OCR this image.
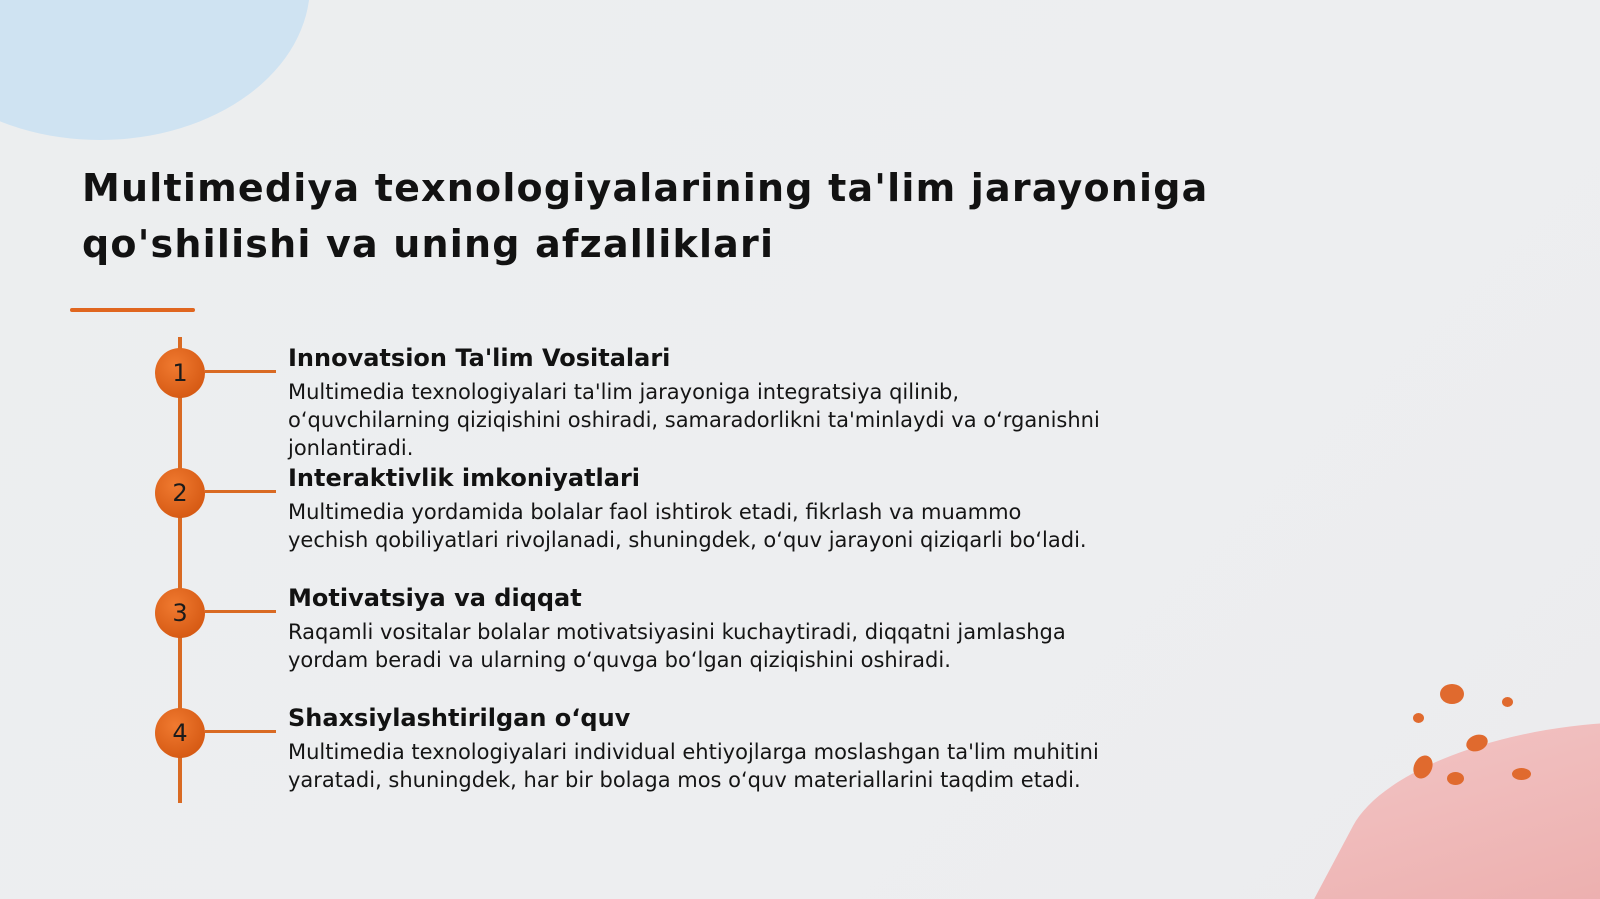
Multimediya texnologiyalarining ta'lim jarayoniga qo'shilishi va uning afzalliklari
1
Innovatsion Ta'lim Vositalari

Multimedia texnologiyalari ta'lim jarayoniga integratsiya qilinib, o‘quvchilarning qiziqishini oshiradi, samaradorlikni ta'minlaydi va o‘rganishni jonlantiradi.

2
Interaktivlik imkoniyatlari

Multimedia yordamida bolalar faol ishtirok etadi, fikrlash va muammo yechish qobiliyatlari rivojlanadi, shuningdek, o‘quv jarayoni qiziqarli bo‘ladi.

3
Motivatsiya va diqqat

Raqamli vositalar bolalar motivatsiyasini kuchaytiradi, diqqatni jamlashga yordam beradi va ularning o‘quvga bo‘lgan qiziqishini oshiradi.

4
Shaxsiylashtirilgan o‘quv

Multimedia texnologiyalari individual ehtiyojlarga moslashgan ta'lim muhitini yaratadi, shuningdek, har bir bolaga mos o‘quv materiallarini taqdim etadi.
